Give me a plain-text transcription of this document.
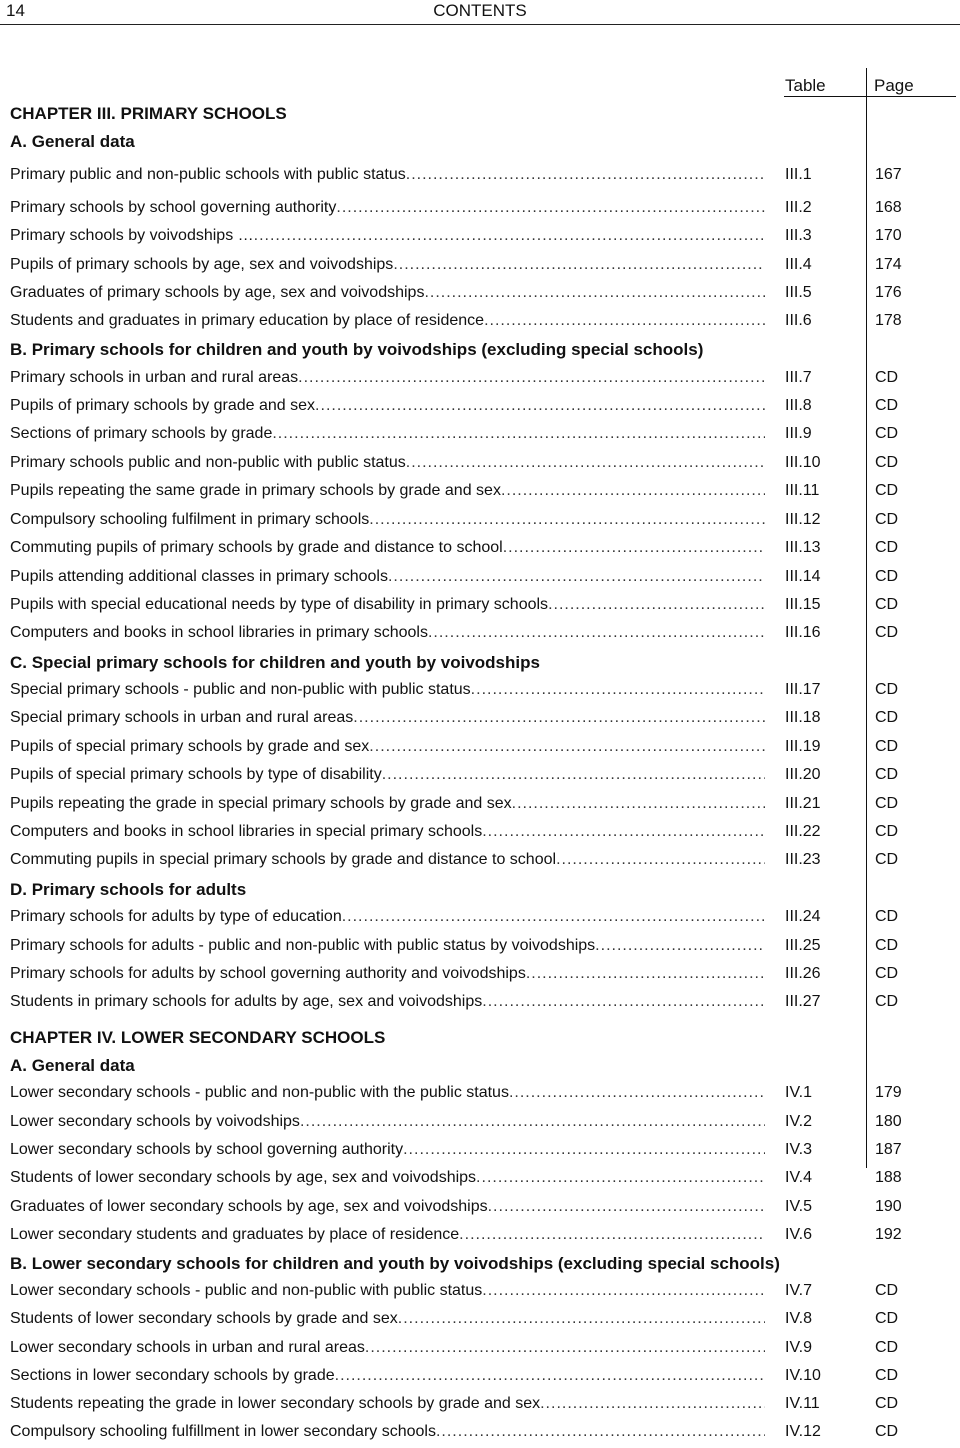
14	CONTENTS
Table	Page
CHAPTER III. PRIMARY SCHOOLS
A. General data
Primary public and non-public schools with public status .....	III.1	167
Primary schools by school governing authority .....	III.2	168
Primary schools by voivodships … .....	III.3	170
Pupils of primary schools by age, sex and voivodships .....	III.4	174
Graduates of primary schools by age, sex and voivodships .....	III.5	176
Students and graduates in primary education by place of residence .....	III.6	178
B. Primary schools for children and youth by voivodships (excluding special schools)
Primary schools in urban and rural areas .....	III.7	CD
Pupils of primary schools by grade and sex .....	III.8	CD
Sections of primary schools by grade .....	III.9	CD
Primary schools public and non-public with public status .....	III.10	CD
Pupils repeating the same grade in primary schools by grade and sex .....	III.11	CD
Compulsory schooling fulfilment in primary schools .....	III.12	CD
Commuting pupils of primary schools by grade and distance to school .....	III.13	CD
Pupils attending additional classes in primary schools .....	III.14	CD
Pupils with special educational needs by type of disability in primary schools .....	III.15	CD
Computers and books in school libraries in primary schools .....	III.16	CD
C. Special primary schools for children and youth by voivodships
Special primary schools - public and non-public with public status .....	III.17	CD
Special primary schools in urban and rural areas .....	III.18	CD
Pupils of special primary schools by grade and sex .....	III.19	CD
Pupils of special primary schools by type of disability .....	III.20	CD
Pupils repeating the grade in special primary schools by grade and sex .....	III.21	CD
Computers and books in school libraries in special primary schools .....	III.22	CD
Commuting pupils in special primary schools by grade and distance to school .....	III.23	CD
D. Primary schools for adults
Primary schools for adults by type of education .....	III.24	CD
Primary schools for adults - public and non-public with public status by voivodships .....	III.25	CD
Primary schools for adults by school governing authority and voivodships .....	III.26	CD
Students in primary schools for adults by age, sex and voivodships .....	III.27	CD
CHAPTER IV. LOWER SECONDARY SCHOOLS
A. General data
Lower secondary schools - public and non-public with the public status .....	IV.1	179
Lower secondary schools by voivodships .....	IV.2	180
Lower secondary schools by school governing authority .....	IV.3	187
Students of lower secondary schools by age, sex and voivodships .....	IV.4	188
Graduates of lower secondary schools by age, sex and voivodships .....	IV.5	190
Lower secondary students and graduates by place of residence .....	IV.6	192
B. Lower secondary schools for children and youth by voivodships (excluding special schools)
Lower secondary schools - public and non-public with public status .....	IV.7	CD
Students of lower secondary schools by grade and sex .....	IV.8	CD
Lower secondary schools in urban and rural areas .....	IV.9	CD
Sections in lower secondary schools by grade .....	IV.10	CD
Students repeating the grade in lower secondary schools by grade and sex .....	IV.11	CD
Compulsory schooling fulfillment in lower secondary schools .....	IV.12	CD
